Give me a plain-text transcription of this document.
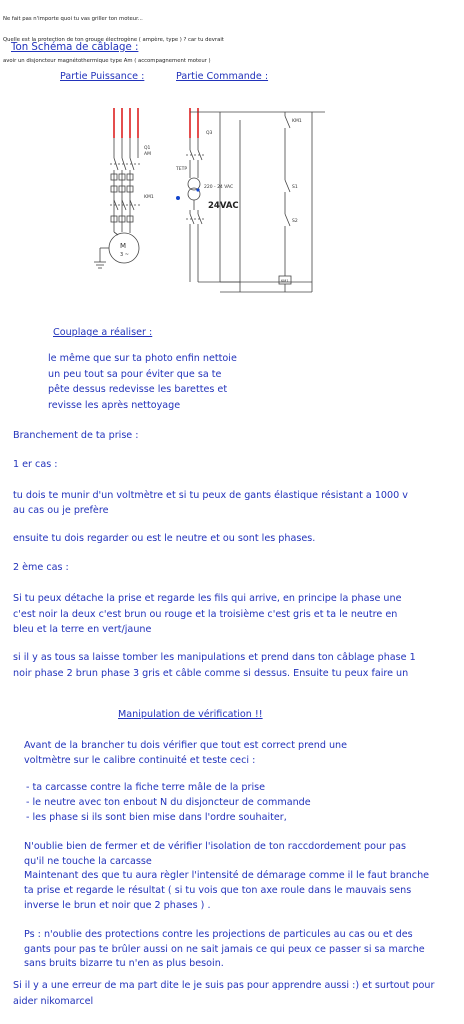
Ne fait pas n'importe quoi tu vas griller ton moteur...

Quelle est la protection de ton groupe électrogène ( ampère, type ) ? car tu devrait

avoir un disjoncteur magnétothermique type Am ( accompagnement moteur )

Ton Schéma de câblage :
Partie Puissance :	Partie Commande :
Q1
AM
KM1
Q3
TETP
220 - 24 VAC
KM1
S1
S2
KM1
24VAC
M
3 ~
Couplage a réaliser :
le même que sur ta photo enfin nettoie
un peu tout sa pour éviter que sa te
pête dessus redevisse les barettes et
revisse les après nettoyage
Branchement de ta prise :
1 er cas :
tu dois te munir d'un voltmètre et si tu peux de gants élastique résistant a 1000 v
au cas ou je prefère
ensuite tu dois regarder ou est le neutre et ou sont les phases.
2 ème cas :
Si tu peux détache la prise et regarde les fils qui arrive, en principe la phase une
c'est noir la deux c'est brun ou rouge et la troisième c'est gris et ta le neutre en
bleu et la terre en vert/jaune
si il y as tous sa laisse tomber les manipulations et prend dans ton câblage phase 1
noir phase 2 brun phase 3 gris et câble comme si dessus. Ensuite tu peux faire un
Manipulation de vérification !!
Avant de la brancher tu dois vérifier que tout est correct prend une
voltmètre sur le calibre continuité et teste ceci :
- ta carcasse contre la fiche terre mâle de la prise
- le neutre avec ton enbout N du disjoncteur de commande
- les phase si ils sont bien mise dans l'ordre souhaiter,
N'oublie bien de fermer et de vérifier l'isolation de ton raccdordement pour pas
qu'il ne touche la carcasse
Maintenant des que tu aura règler l'intensité de démarage comme il le faut branche
ta prise et regarde le résultat ( si tu vois que ton axe roule dans le mauvais sens
inverse le brun et noir que 2 phases ) .
Ps : n'oublie des protections contre les projections de particules au cas ou et des
gants pour pas te brûler aussi on ne sait jamais ce qui peux ce passer si sa marche
sans bruits bizarre tu n'en as plus besoin.
Si il y a une erreur de ma part dite le je suis pas pour apprendre aussi :) et surtout pour
aider nikomarcel
